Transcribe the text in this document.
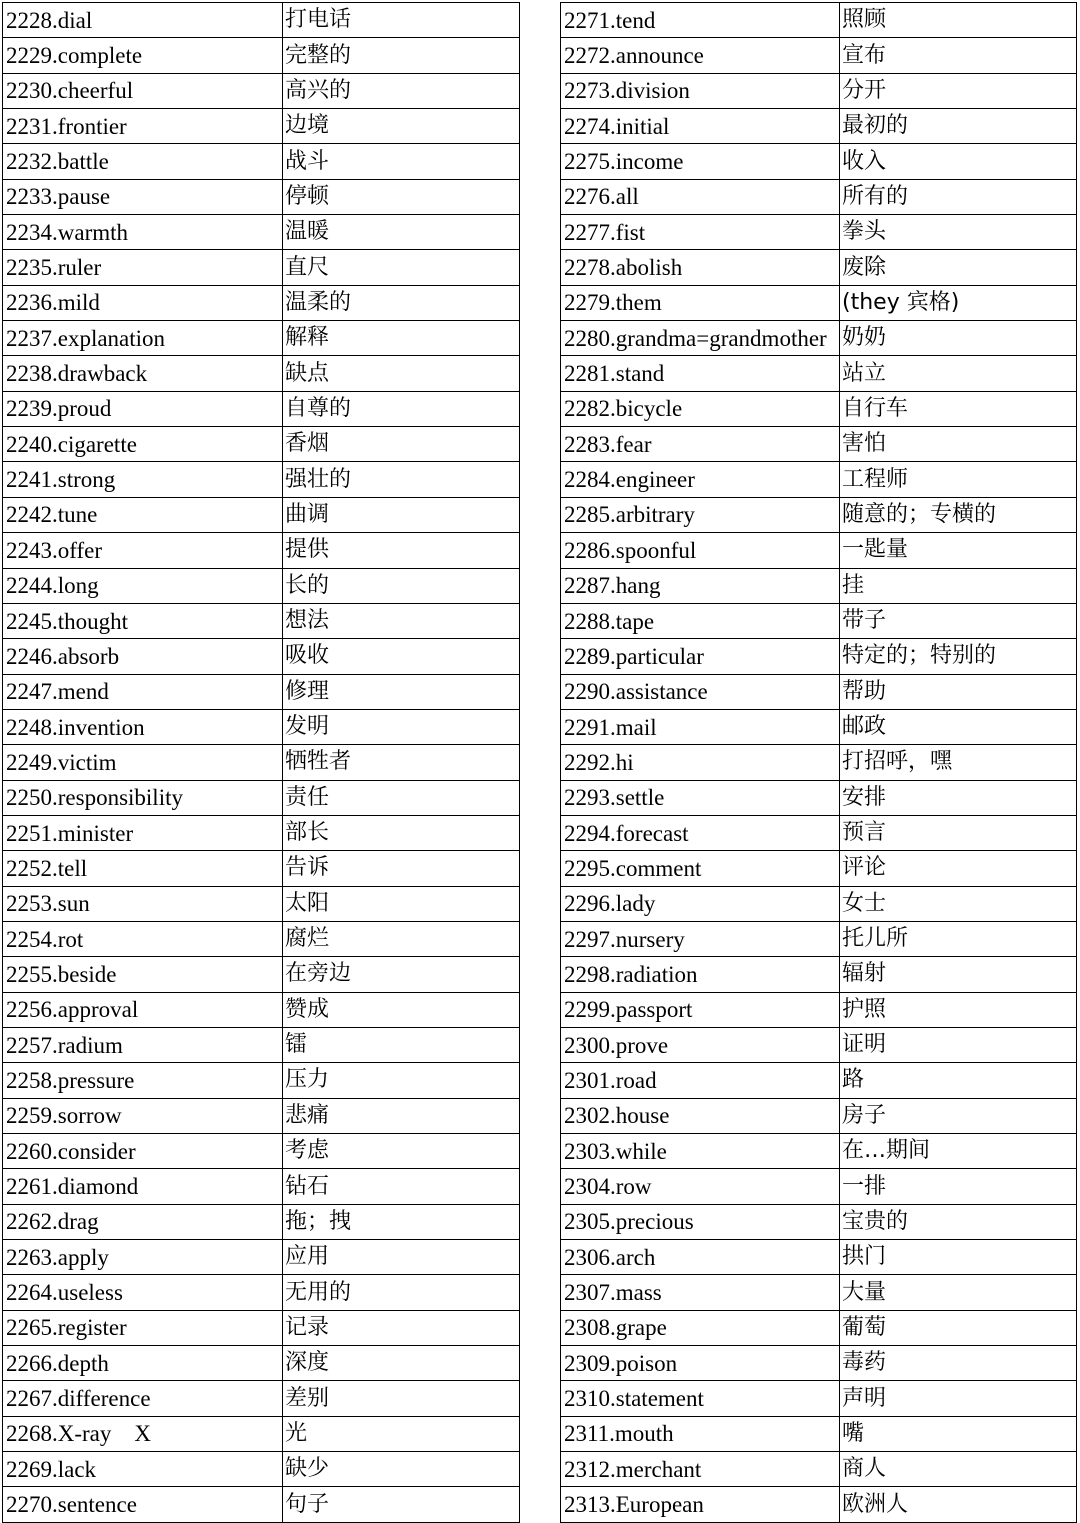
2228.dial	打电话
2229.complete	完整的
2230.cheerful	高兴的
2231.frontier	边境
2232.battle	战斗
2233.pause	停顿
2234.warmth	温暖
2235.ruler	直尺
2236.mild	温柔的
2237.explanation	解释
2238.drawback	缺点
2239.proud	自尊的
2240.cigarette	香烟
2241.strong	强壮的
2242.tune	曲调
2243.offer	提供
2244.long	长的
2245.thought	想法
2246.absorb	吸收
2247.mend	修理
2248.invention	发明
2249.victim	牺牲者
2250.responsibility	责任
2251.minister	部长
2252.tell	告诉
2253.sun	太阳
2254.rot	腐烂
2255.beside	在旁边
2256.approval	赞成
2257.radium	镭
2258.pressure	压力
2259.sorrow	悲痛
2260.consider	考虑
2261.diamond	钻石
2262.drag	拖；拽
2263.apply	应用
2264.useless	无用的
2265.register	记录
2266.depth	深度
2267.difference	差别
2268.X-ray　X	光
2269.lack	缺少
2270.sentence	句子
2271.tend	照顾
2272.announce	宣布
2273.division	分开
2274.initial	最初的
2275.income	收入
2276.all	所有的
2277.fist	拳头
2278.abolish	废除
2279.them	(they 宾格)
2280.grandma=grandmother	奶奶
2281.stand	站立
2282.bicycle	自行车
2283.fear	害怕
2284.engineer	工程师
2285.arbitrary	随意的；专横的
2286.spoonful	一匙量
2287.hang	挂
2288.tape	带子
2289.particular	特定的；特别的
2290.assistance	帮助
2291.mail	邮政
2292.hi	打招呼，嘿
2293.settle	安排
2294.forecast	预言
2295.comment	评论
2296.lady	女士
2297.nursery	托儿所
2298.radiation	辐射
2299.passport	护照
2300.prove	证明
2301.road	路
2302.house	房子
2303.while	在…期间
2304.row	一排
2305.precious	宝贵的
2306.arch	拱门
2307.mass	大量
2308.grape	葡萄
2309.poison	毒药
2310.statement	声明
2311.mouth	嘴
2312.merchant	商人
2313.European	欧洲人
